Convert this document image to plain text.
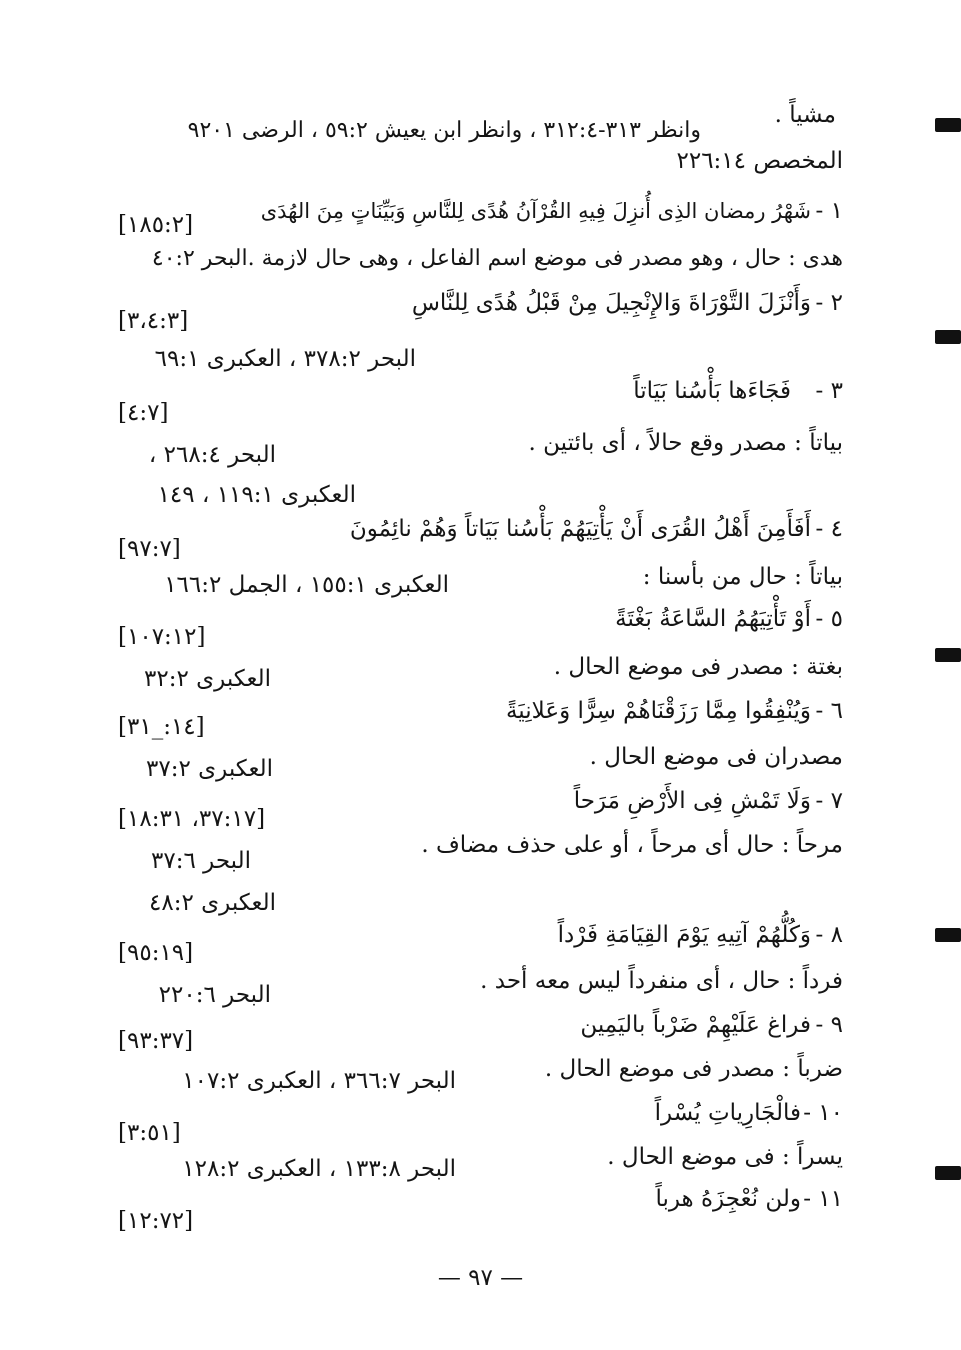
مشياً .
وانظر ٣١٣-٣١٢:٤ ، وانظر ابن يعيش ٥٩:٢ ، الرضى ٩٢٠١
المخصص ٢٢٦:١٤
شَهْرُ رمضان الذِى أُنزِلَ فِيهِ القُرْآنُ هُدًى لِلنَّاسِ وَبَيِّنَاتٍ مِنَ الهُدَى ١ -
[١٨٥:٢]
هدى : حال ، وهو مصدر فى موضع اسم الفاعل ، وهى حال لازمة .البحر ٤٠:٢
٢ -
وَأَنْزَلَ التَّوْرَاةَ وَالإِنْجِيلَ مِنْ قَبْلُ هُدًى لِلنَّاسِ
[٣،٤:٣]
البحر ٣٧٨:٢ ، العكبرى ٦٩:١
٣ -
فَجَاءَها بَأْسُنا بَيَاتاً
[٤:٧]
بياتاً : مصدر وقع حالاً ، أى بائتين .
البحر ٢٦٨:٤ ،
العكبرى ١١٩:١ ، ١٤٩
٤ -
أَفَأَمِنَ أَهْلُ القُرَى أَنْ يَأْتِيَهُمْ بَأْسُنا بَيَاتاً وَهُمْ نائِمُونَ
[٩٧:٧]
بياتاً : حال من بأسنا :
العكبرى ١٥٥:١ ، الجمل ١٦٦:٢
٥ -
أَوْ تَأْتِيَهُمُ السَّاعَةُ بَغْتَةً
[١٠٧:١٢]
بغتة : مصدر فى موضع الحال .
العكبرى ٣٢:٢
٦ -
وَيُنْفِقُوا مِمَّا رَزَقْنَاهُمْ سِرًّا وَعَلانِيَةً
[١٤:_٣١]
مصدران فى موضع الحال .
العكبرى ٣٧:٢
٧ -
وَلَا تَمْشِ فِى الأَرْضِ مَرَحاً
[٣٧:١٧، ١٨:٣١]
مرحاً : حال أى مرحاً ، أو على حذف مضاف .
البحر ٣٧:٦
العكبرى ٤٨:٢
٨ -
وَكُلُّهُمْ آتِيهِ يَوْمَ القِيَامَةِ فَرْداً
[٩٥:١٩]
فرداً : حال ، أى منفرداً ليس معه أحد .
البحر ٢٢٠:٦
٩ -
فراغ عَلَيْهِمْ ضَرْباً باليَمِين
[٩٣:٣٧]
ضرباً : مصدر فى موضع الحال .
البحر ٣٦٦:٧ ، العكبرى ١٠٧:٢
١٠ -
فالْجَارِياتِ يُسْراً
[٣:٥١]
يسراً : فى موضع الحال .
البحر ١٣٣:٨ ، العكبرى ١٢٨:٢
١١ -
ولن نُعْجِزَهُ هرباً
[١٢:٧٢]
— ٩٧ —
